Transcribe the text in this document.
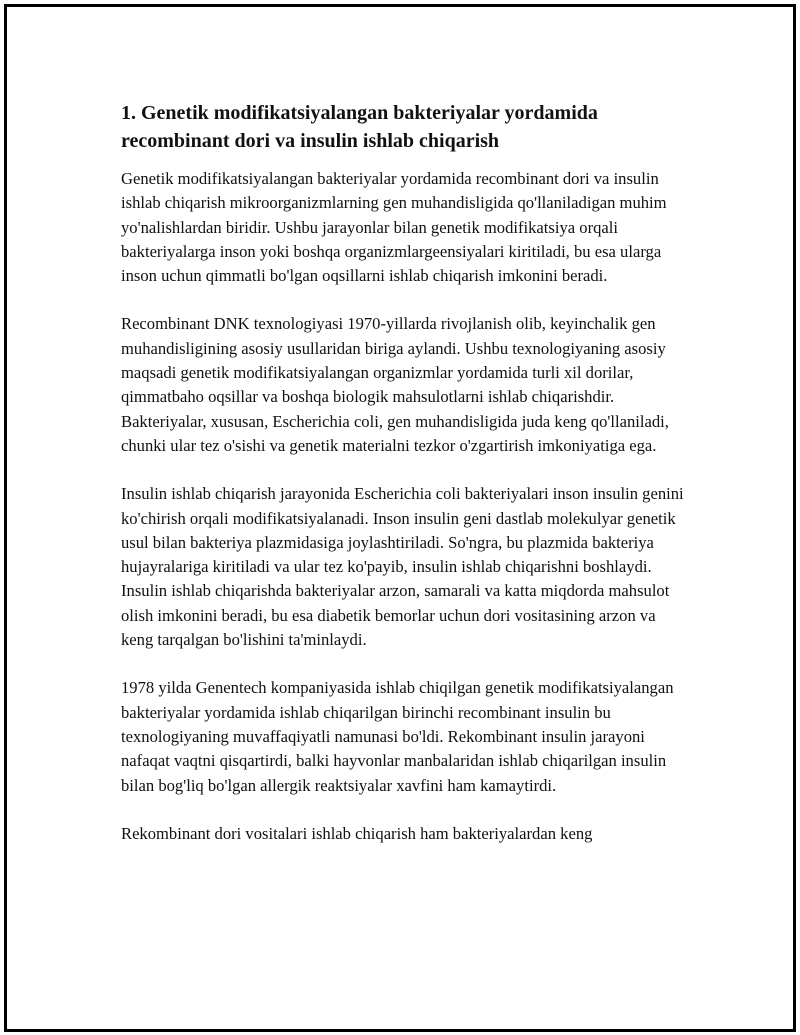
1. Genetik modifikatsiyalangan bakteriyalar yordamida recombinant dori va insulin ishlab chiqarish

Genetik modifikatsiyalangan bakteriyalar yordamida recombinant dori va insulin ishlab chiqarish mikroorganizmlarning gen muhandisligida qo'llaniladigan muhim yo'nalishlardan biridir. Ushbu jarayonlar bilan genetik modifikatsiya orqali bakteriyalarga inson yoki boshqa organizmlargeensiyalari kiritiladi, bu esa ularga inson uchun qimmatli bo'lgan oqsillarni ishlab chiqarish imkonini beradi.

Recombinant DNK texnologiyasi 1970-yillarda rivojlanish olib, keyinchalik gen muhandisligining asosiy usullaridan biriga aylandi. Ushbu texnologiyaning asosiy maqsadi genetik modifikatsiyalangan organizmlar yordamida turli xil dorilar, qimmatbaho oqsillar va boshqa biologik mahsulotlarni ishlab chiqarishdir. Bakteriyalar, xususan, Escherichia coli, gen muhandisligida juda keng qo'llaniladi, chunki ular tez o'sishi va genetik materialni tezkor o'zgartirish imkoniyatiga ega.

Insulin ishlab chiqarish jarayonida Escherichia coli bakteriyalari inson insulin genini ko'chirish orqali modifikatsiyalanadi. Inson insulin geni dastlab molekulyar genetik usul bilan bakteriya plazmidasiga joylashtiriladi. So'ngra, bu plazmida bakteriya hujayralariga kiritiladi va ular tez ko'payib, insulin ishlab chiqarishni boshlaydi. Insulin ishlab chiqarishda bakteriyalar arzon, samarali va katta miqdorda mahsulot olish imkonini beradi, bu esa diabetik bemorlar uchun dori vositasining arzon va keng tarqalgan bo'lishini ta'minlaydi.

1978 yilda Genentech kompaniyasida ishlab chiqilgan genetik modifikatsiyalangan bakteriyalar yordamida ishlab chiqarilgan birinchi recombinant insulin bu texnologiyaning muvaffaqiyatli namunasi bo'ldi. Rekombinant insulin jarayoni nafaqat vaqtni qisqartirdi, balki hayvonlar manbalaridan ishlab chiqarilgan insulin bilan bog'liq bo'lgan allergik reaktsiyalar xavfini ham kamaytirdi.

Rekombinant dori vositalari ishlab chiqarish ham bakteriyalardan keng
